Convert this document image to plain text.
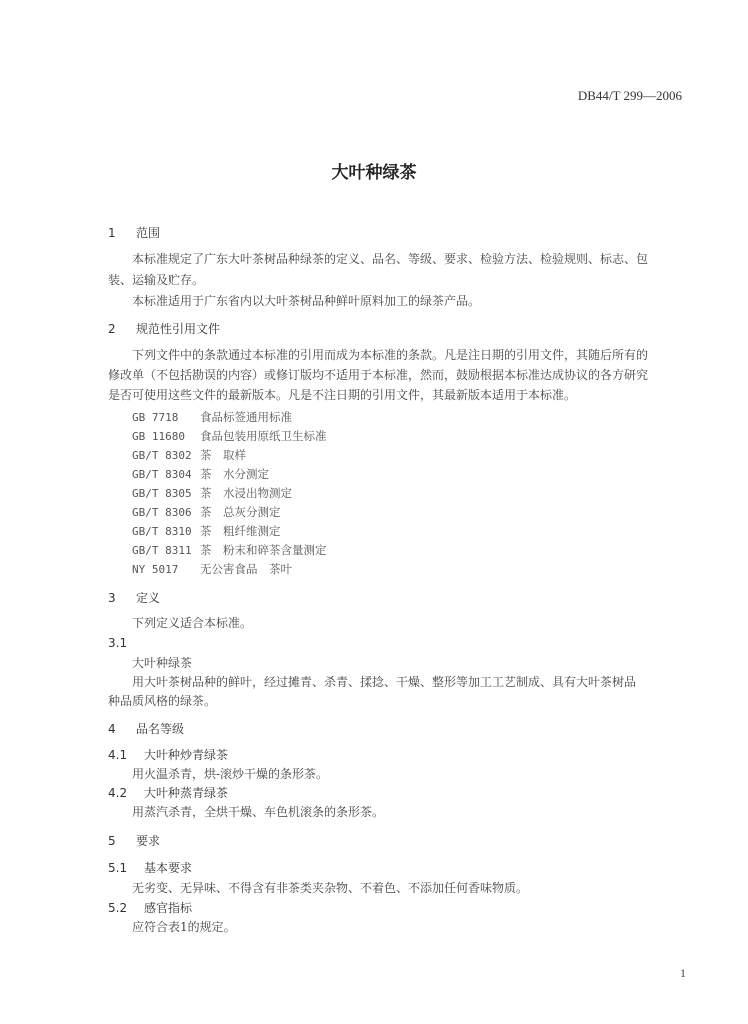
DB44/T 299—2006
大叶种绿茶
1 范围
本标准规定了广东大叶茶树品种绿茶的定义、品名、等级、要求、检验方法、检验规则、标志、包
装、运输及贮存。
本标准适用于广东省内以大叶茶树品种鲜叶原料加工的绿茶产品。
2 规范性引用文件
下列文件中的条款通过本标准的引用而成为本标准的条款。凡是注日期的引用文件，其随后所有的
修改单（不包括勘误的内容）或修订版均不适用于本标准，然而，鼓励根据本标准达成协议的各方研究
是否可使用这些文件的最新版本。凡是不注日期的引用文件，其最新版本适用于本标准。
GB 7718 食品标签通用标准
GB 11680 食品包装用原纸卫生标准
GB/T 8302 茶　取样
GB/T 8304 茶　水分测定
GB/T 8305 茶　水浸出物测定
GB/T 8306 茶　总灰分测定
GB/T 8310 茶　粗纤维测定
GB/T 8311 茶　粉末和碎茶含量测定
NY 5017 无公害食品　茶叶
3 定义
下列定义适合本标准。
3.1
大叶种绿茶
用大叶茶树品种的鲜叶，经过摊青、杀青、揉捻、干燥、整形等加工工艺制成、具有大叶茶树品
种品质风格的绿茶。
4 品名等级
4.1 大叶种炒青绿茶
用火温杀青，烘-滚炒干燥的条形茶。
4.2 大叶种蒸青绿茶
用蒸汽杀青，全烘干燥、车色机滚条的条形茶。
5 要求
5.1 基本要求
无劣变、无异味、不得含有非茶类夹杂物、不着色、不添加任何香味物质。
5.2 感官指标
应符合表1的规定。
1
